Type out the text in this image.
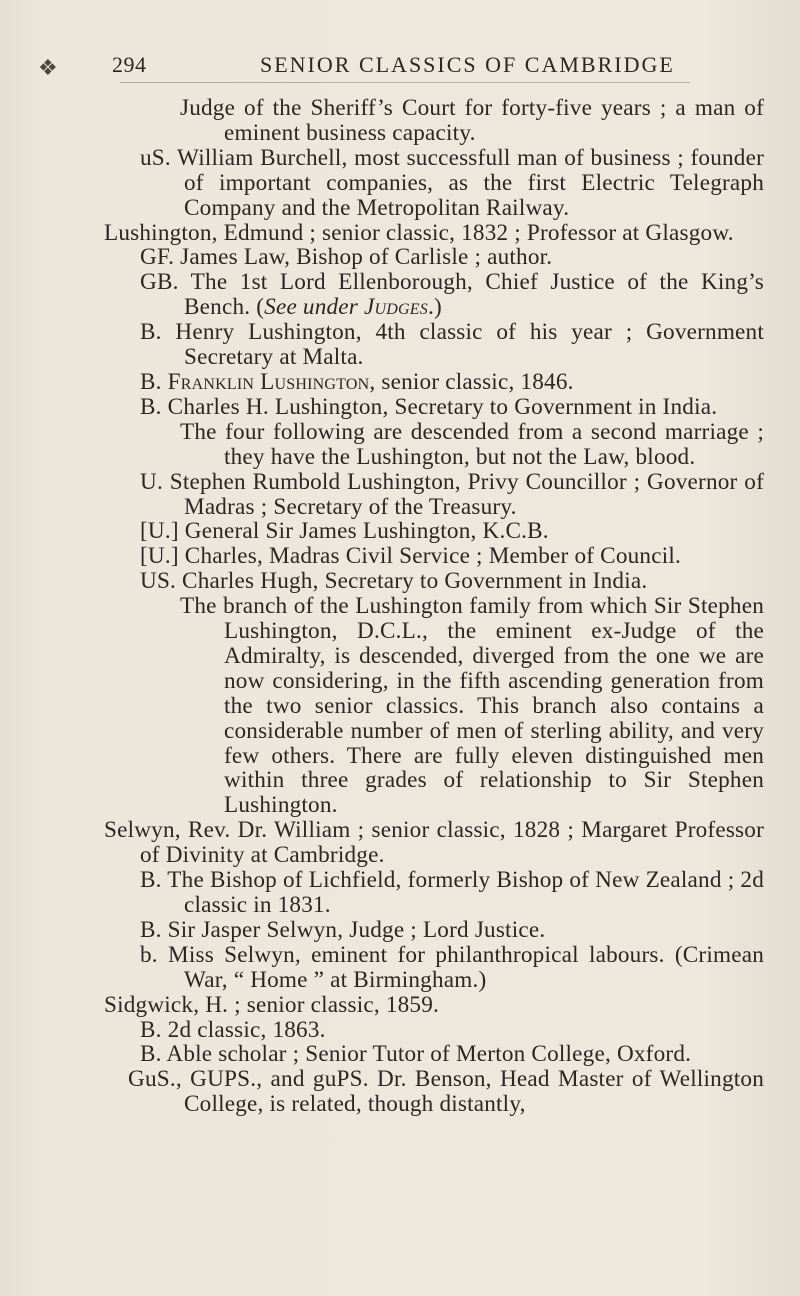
❖ 294	SENIOR CLASSICS OF CAMBRIDGE

Judge of the Sheriff’s Court for forty-five years ; a man of eminent business capacity.

uS. William Burchell, most successfull man of business ; founder of important companies, as the first Electric Telegraph Company and the Metropolitan Railway.

Lushington, Edmund ; senior classic, 1832 ; Professor at Glasgow.

GF. James Law, Bishop of Carlisle ; author.

GB. The 1st Lord Ellenborough, Chief Justice of the King’s Bench. (See under Judges.)

B. Henry Lushington, 4th classic of his year ; Government Secretary at Malta.

B. Franklin Lushington, senior classic, 1846.

B. Charles H. Lushington, Secretary to Government in India.

The four following are descended from a second marriage ; they have the Lushington, but not the Law, blood.

U. Stephen Rumbold Lushington, Privy Councillor ; Governor of Madras ; Secretary of the Treasury.

[U.] General Sir James Lushington, K.C.B.

[U.] Charles, Madras Civil Service ; Member of Council.

US. Charles Hugh, Secretary to Government in India.

The branch of the Lushington family from which Sir Stephen Lushington, D.C.L., the eminent ex-Judge of the Admiralty, is descended, diverged from the one we are now considering, in the fifth ascending generation from the two senior classics. This branch also contains a considerable number of men of sterling ability, and very few others. There are fully eleven distinguished men within three grades of relationship to Sir Stephen Lushington.

Selwyn, Rev. Dr. William ; senior classic, 1828 ; Margaret Professor of Divinity at Cambridge.

B. The Bishop of Lichfield, formerly Bishop of New Zealand ; 2d classic in 1831.

B. Sir Jasper Selwyn, Judge ; Lord Justice.

b. Miss Selwyn, eminent for philanthropical labours. (Crimean War, “ Home ” at Birmingham.)

Sidgwick, H. ; senior classic, 1859.

B. 2d classic, 1863.

B. Able scholar ; Senior Tutor of Merton College, Oxford.

GuS., GUPS., and guPS. Dr. Benson, Head Master of Wellington College, is related, though distantly,
